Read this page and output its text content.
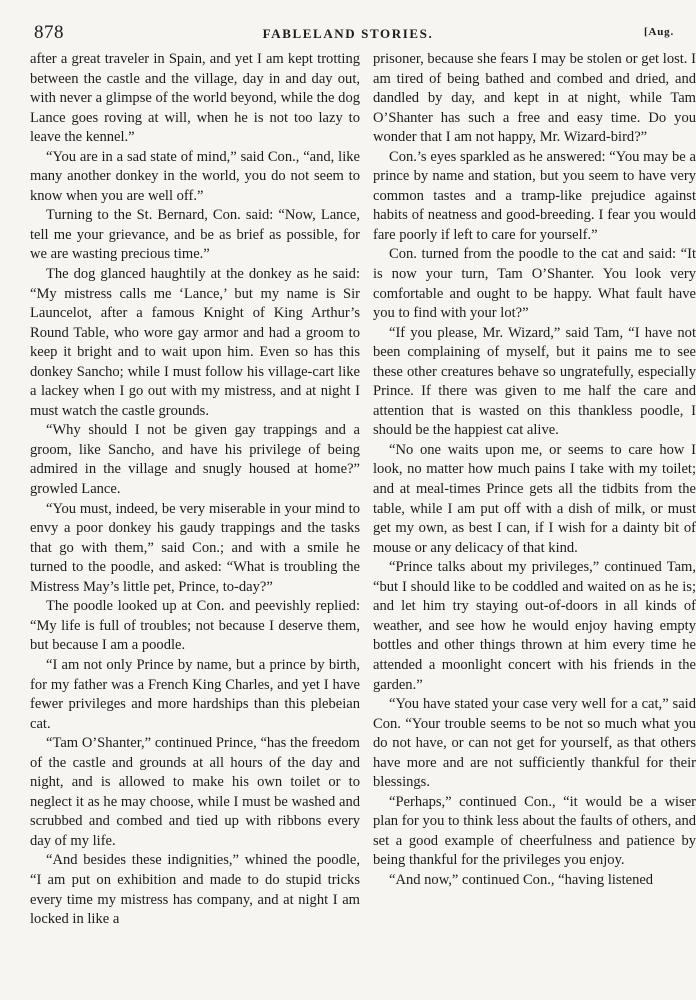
878	FABLELAND STORIES.	[Aug.

after a great traveler in Spain, and yet I am kept trotting between the castle and the village, day in and day out, with never a glimpse of the world beyond, while the dog Lance goes roving at will, when he is not too lazy to leave the kennel.”

“You are in a sad state of mind,” said Con., “and, like many another donkey in the world, you do not seem to know when you are well off.”

Turning to the St. Bernard, Con. said: “Now, Lance, tell me your grievance, and be as brief as possible, for we are wasting precious time.”

The dog glanced haughtily at the donkey as he said: “My mistress calls me ‘Lance,’ but my name is Sir Launcelot, after a famous Knight of King Arthur’s Round Table, who wore gay armor and had a groom to keep it bright and to wait upon him. Even so has this donkey Sancho; while I must follow his village-cart like a lackey when I go out with my mistress, and at night I must watch the castle grounds.

“Why should I not be given gay trappings and a groom, like Sancho, and have his privilege of being admired in the village and snugly housed at home?” growled Lance.

“You must, indeed, be very miserable in your mind to envy a poor donkey his gaudy trappings and the tasks that go with them,” said Con.; and with a smile he turned to the poodle, and asked: “What is troubling the Mistress May’s little pet, Prince, to-day?”

The poodle looked up at Con. and peevishly replied: “My life is full of troubles; not because I deserve them, but because I am a poodle.

“I am not only Prince by name, but a prince by birth, for my father was a French King Charles, and yet I have fewer privileges and more hardships than this plebeian cat.

“Tam O’Shanter,” continued Prince, “has the freedom of the castle and grounds at all hours of the day and night, and is allowed to make his own toilet or to neglect it as he may choose, while I must be washed and scrubbed and combed and tied up with ribbons every day of my life.

“And besides these indignities,” whined the poodle, “I am put on exhibition and made to do stupid tricks every time my mistress has company, and at night I am locked in like a

prisoner, because she fears I may be stolen or get lost. I am tired of being bathed and combed and dried, and dandled by day, and kept in at night, while Tam O’Shanter has such a free and easy time. Do you wonder that I am not happy, Mr. Wizard-bird?”

Con.’s eyes sparkled as he answered: “You may be a prince by name and station, but you seem to have very common tastes and a tramp-like prejudice against habits of neatness and good-breeding. I fear you would fare poorly if left to care for yourself.”

Con. turned from the poodle to the cat and said: “It is now your turn, Tam O’Shanter. You look very comfortable and ought to be happy. What fault have you to find with your lot?”

“If you please, Mr. Wizard,” said Tam, “I have not been complaining of myself, but it pains me to see these other creatures behave so ungratefully, especially Prince. If there was given to me half the care and attention that is wasted on this thankless poodle, I should be the happiest cat alive.

“No one waits upon me, or seems to care how I look, no matter how much pains I take with my toilet; and at meal-times Prince gets all the tidbits from the table, while I am put off with a dish of milk, or must get my own, as best I can, if I wish for a dainty bit of mouse or any delicacy of that kind.

“Prince talks about my privileges,” continued Tam, “but I should like to be coddled and waited on as he is; and let him try staying out-of-doors in all kinds of weather, and see how he would enjoy having empty bottles and other things thrown at him every time he attended a moonlight concert with his friends in the garden.”

“You have stated your case very well for a cat,” said Con. “Your trouble seems to be not so much what you do not have, or can not get for yourself, as that others have more and are not sufficiently thankful for their blessings.

“Perhaps,” continued Con., “it would be a wiser plan for you to think less about the faults of others, and set a good example of cheerfulness and patience by being thankful for the privileges you enjoy.

“And now,” continued Con., “having listened
